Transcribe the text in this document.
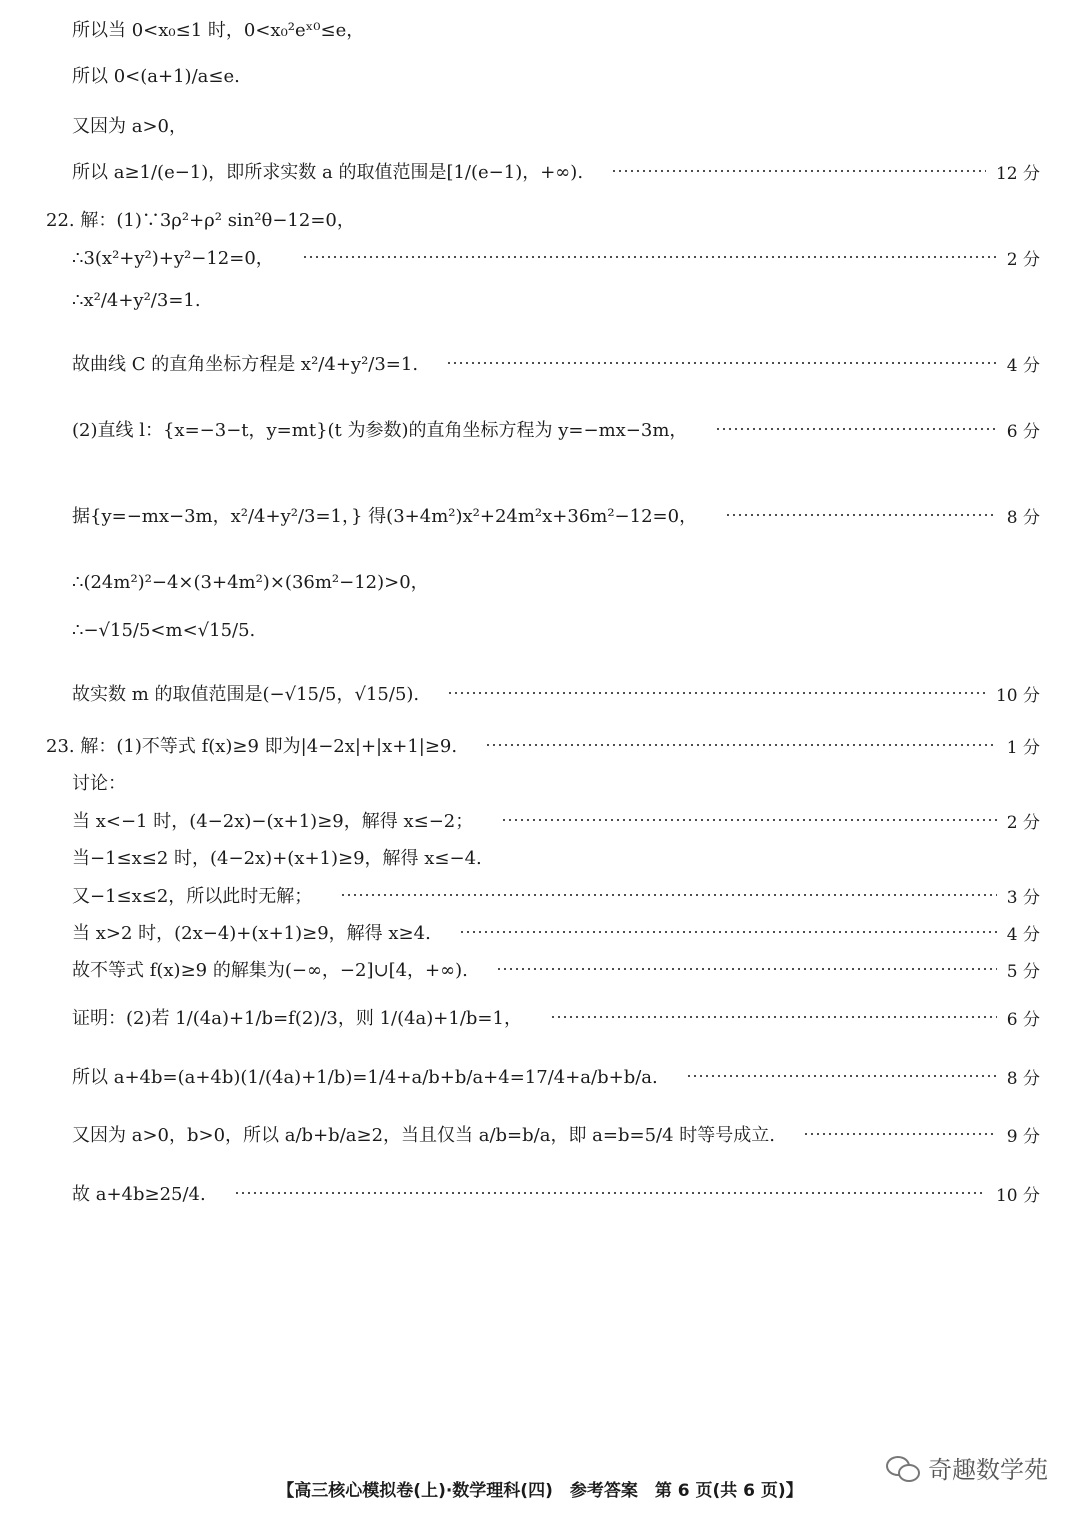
所以当 0<x₀≤1 时，0<x₀²eˣ⁰≤e，
所以 0<(a+1)/a≤e.
又因为 a>0，
所以 a≥1/(e−1)，即所求实数 a 的取值范围是[1/(e−1)，+∞).	12 分
22. 解：(1)∵3ρ²+ρ² sin²θ−12=0，
∴3(x²+y²)+y²−12=0，	2 分
∴x²/4+y²/3=1.
故曲线 C 的直角坐标方程是 x²/4+y²/3=1.	4 分
(2)直线 l：{x=−3−t，y=mt}(t 为参数)的直角坐标方程为 y=−mx−3m，	6 分
据{y=−mx−3m，x²/4+y²/3=1，} 得(3+4m²)x²+24m²x+36m²−12=0，	8 分
∴(24m²)²−4×(3+4m²)×(36m²−12)>0，
∴−√15/5<m<√15/5.
故实数 m 的取值范围是(−√15/5，√15/5).	10 分
23. 解：(1)不等式 f(x)≥9 即为|4−2x|+|x+1|≥9.	1 分
讨论：
当 x<−1 时，(4−2x)−(x+1)≥9，解得 x≤−2；	2 分
当−1≤x≤2 时，(4−2x)+(x+1)≥9，解得 x≤−4.
又−1≤x≤2，所以此时无解；	3 分
当 x>2 时，(2x−4)+(x+1)≥9，解得 x≥4.	4 分
故不等式 f(x)≥9 的解集为(−∞，−2]∪[4，+∞).	5 分
证明：(2)若 1/(4a)+1/b=f(2)/3，则 1/(4a)+1/b=1，	6 分
所以 a+4b=(a+4b)(1/(4a)+1/b)=1/4+a/b+b/a+4=17/4+a/b+b/a.	8 分
又因为 a>0，b>0，所以 a/b+b/a≥2，当且仅当 a/b=b/a，即 a=b=5/4 时等号成立.	9 分
故 a+4b≥25/4.	10 分
【高三核心模拟卷(上)·数学理科(四)　参考答案　第 6 页(共 6 页)】
奇趣数学苑
